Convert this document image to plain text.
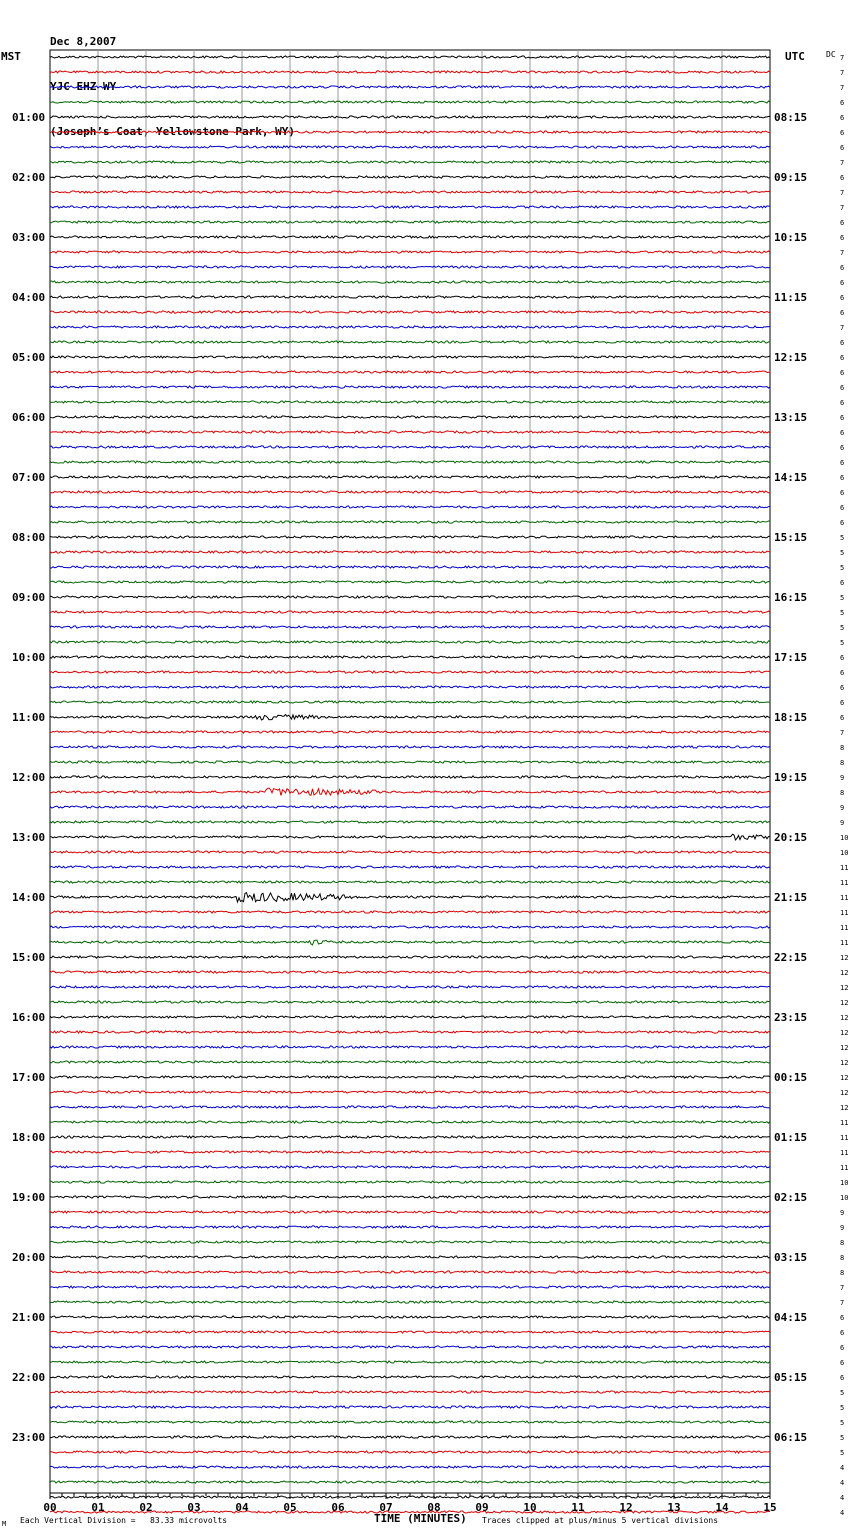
Dec 8,2007

YJC EHZ WY

(Joseph’s Coat, Yellowstone Park, WY)

MST	UTC	DC 7
7
7
6
6
6
6
7
6
7
7
6
6
7
6
6
6
6
7
6
6
6
6
6
6
6
6
6
6
6
6
6
5
5
5
6
5
5
5
5
6
6
6
6
6
7
8
8
9
8
9
9
10
10
11
11
11
11
11
11
12
12
12
12
12
12
12
12
12
12
12
11
11
11
11
10
10
9
9
8
8
8
7
7
6
6
6
6
6
5
5
5
5
5
4
4
4
4
01:00
02:00
03:00
04:00
05:00
06:00
07:00
08:00
09:00
10:00
11:00
12:00
13:00
14:00
15:00
16:00
17:00
18:00
19:00
20:00
21:00
22:00
23:00
08:15
09:15
10:15
11:15
12:15
13:15
14:15
15:15
16:15
17:15
18:15
19:15
20:15
21:15
22:15
23:15
00:15
01:15
02:15
03:15
04:15
05:15
06:15
00	01	02	03	04	05	06	07	08	09	10	11	12	13	14	15
M Each Vertical Division =   83.33 microvolts	TIME (MINUTES) Traces clipped at plus/minus 5 vertical divisions
